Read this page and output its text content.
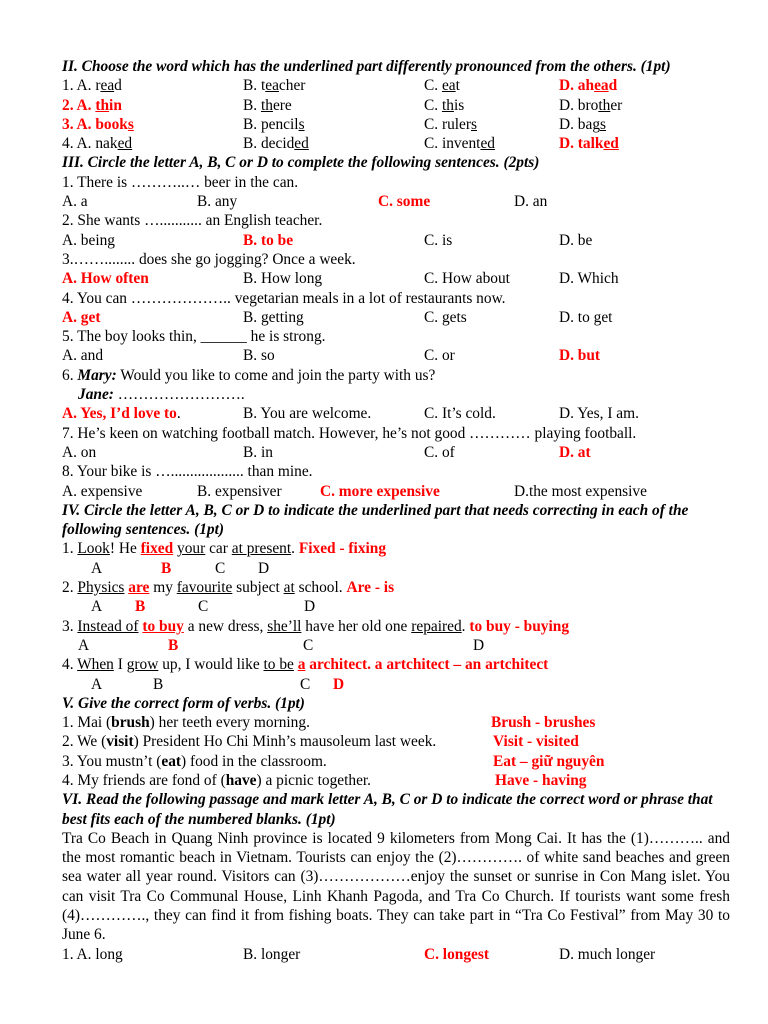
II. Choose the word which has the underlined part differently pronounced from the others. (1pt)
1. A. read	B. teacher	C. eat	D. ahead
2. A. thin	B. there	C. this	D. brother
3. A. books	B. pencils	C. rulers	D. bags
4. A. naked	B. decided	C. invented	D. talked
III. Circle the letter A, B, C or D to complete the following sentences. (2pts)
1. There is ………..… beer in the can.
A. a	B. any	C. some	D. an
2. She wants …........... an English teacher.
A. being	B. to be	C. is	D. be
3.……........ does she go jogging? Once a week.
A. How often	B. How long	C. How about	D. Which
4. You can ……………….. vegetarian meals in a lot of restaurants now.
A. get	B. getting	C. gets	D. to get
5. The boy looks thin, ______ he is strong.
A. and	B. so	C. or	D. but
6. Mary: Would you like to come and join the party with us?
Jane: …………………….
A. Yes, I’d love to.	B. You are welcome.	C. It’s cold.	D. Yes, I am.
7. He’s keen on watching football match. However, he’s not good ………… playing football.
A. on	B. in	C. of	D. at
8. Your bike is …................... than mine.
A. expensive	B. expensiver C. more expensive	D.the most expensive
IV. Circle the letter A, B, C or D to indicate the underlined part that needs correcting in each of the following sentences. (1pt)
1. Look! He fixed your car at present. Fixed - fixing
A	B	C D
2. Physics are my favourite subject at school. Are - is
A B	C	D
3. Instead of to buy a new dress, she’ll have her old one repaired. to buy - buying
A	B	C	D
4. When I grow up, I would like to be a architect. a artchitect – an artchitect
A	B	C D
V. Give the correct form of verbs. (1pt)
1. Mai (brush) her teeth every morning.	Brush - brushes
2. We (visit) President Ho Chi Minh’s mausoleum last week.	Visit - visited
3. You mustn’t (eat) food in the classroom.	Eat – giữ nguyên
4. My friends are fond of (have) a picnic together.	Have - having
VI. Read the following passage and mark letter A, B, C or D to indicate the correct word or phrase that best fits each of the numbered blanks. (1pt)
Tra Co Beach in Quang Ninh province is located 9 kilometers from Mong Cai. It has the (1)……….. and the most romantic beach in Vietnam. Tourists can enjoy the (2)…………. of white sand beaches and green sea water all year round. Visitors can (3)………………enjoy the sunset or sunrise in Con Mang islet. You can visit Tra Co Communal House, Linh Khanh Pagoda, and Tra Co Church. If tourists want some fresh (4)…………., they can find it from fishing boats. They can take part in “Tra Co Festival” from May 30 to June 6.
1. A. long	B. longer	C. longest	D. much longer
